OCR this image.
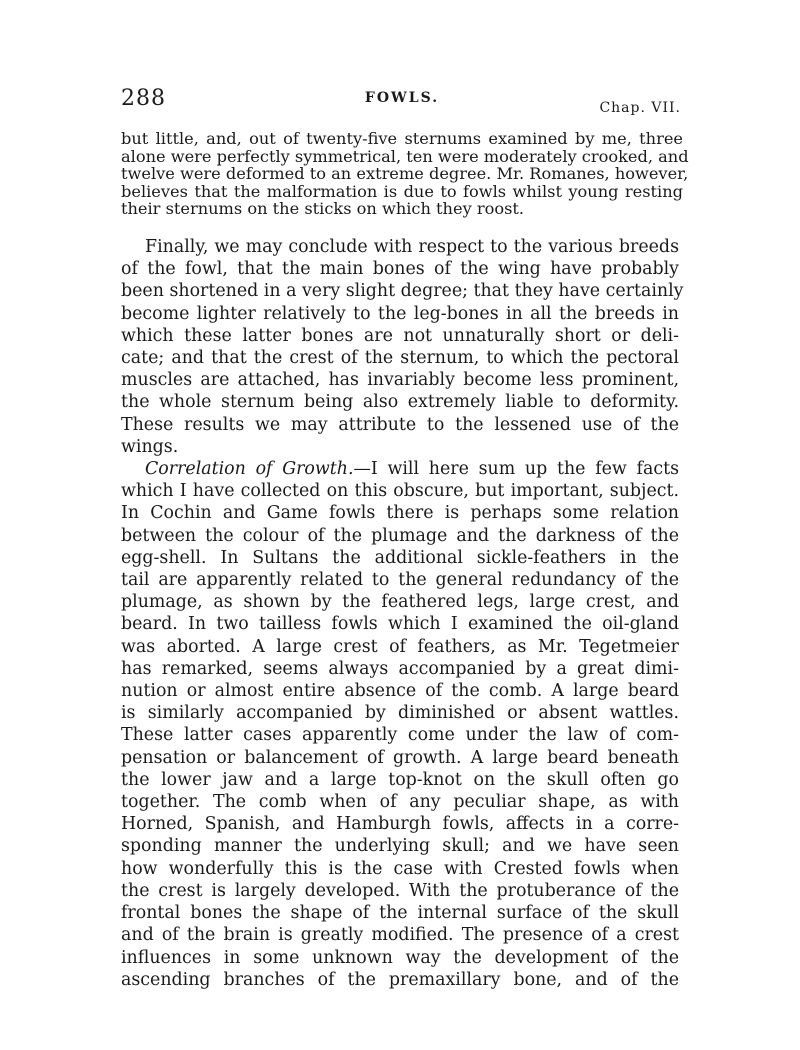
288	FOWLS.
Chap. VII.
but little, and, out of twenty-five sternums examined by me, three
alone were perfectly symmetrical, ten were moderately crooked, and
twelve were deformed to an extreme degree. Mr. Romanes, however,
believes that the malformation is due to fowls whilst young resting
their sternums on the sticks on which they roost.

Finally, we may conclude with respect to the various breeds
of the fowl, that the main bones of the wing have probably
been shortened in a very slight degree; that they have certainly
become lighter relatively to the leg-bones in all the breeds in
which these latter bones are not unnaturally short or deli-
cate; and that the crest of the sternum, to which the pectoral
muscles are attached, has invariably become less prominent,
the whole sternum being also extremely liable to deformity.
These results we may attribute to the lessened use of the
wings.

Correlation of Growth.—I will here sum up the few facts
which I have collected on this obscure, but important, subject.
In Cochin and Game fowls there is perhaps some relation
between the colour of the plumage and the darkness of the
egg-shell. In Sultans the additional sickle-feathers in the
tail are apparently related to the general redundancy of the
plumage, as shown by the feathered legs, large crest, and
beard. In two tailless fowls which I examined the oil-gland
was aborted. A large crest of feathers, as Mr. Tegetmeier
has remarked, seems always accompanied by a great dimi-
nution or almost entire absence of the comb. A large beard
is similarly accompanied by diminished or absent wattles.
These latter cases apparently come under the law of com-
pensation or balancement of growth. A large beard beneath
the lower jaw and a large top-knot on the skull often go
together. The comb when of any peculiar shape, as with
Horned, Spanish, and Hamburgh fowls, affects in a corre-
sponding manner the underlying skull; and we have seen
how wonderfully this is the case with Crested fowls when
the crest is largely developed. With the protuberance of the
frontal bones the shape of the internal surface of the skull
and of the brain is greatly modified. The presence of a crest
influences in some unknown way the development of the
ascending branches of the premaxillary bone, and of the
